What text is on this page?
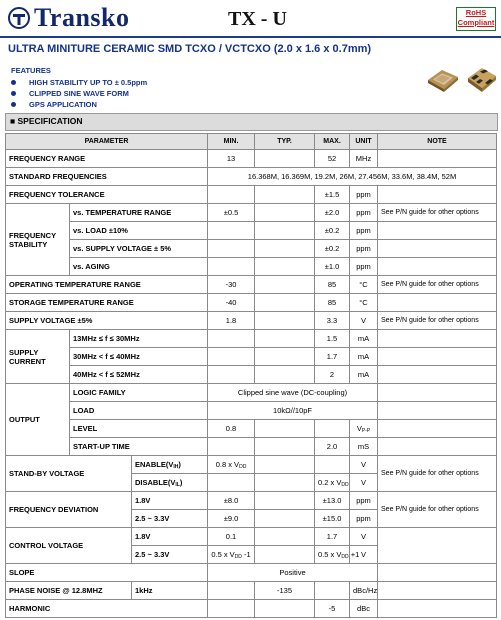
Transko	TX - U	RoHS
Compliant
ULTRA MINITURE CERAMIC SMD TCXO / VCTCXO (2.0 x 1.6 x 0.7mm)
FEATURES
HIGH STABILITY UP TO ± 0.5ppm
CLIPPED SINE WAVE FORM
GPS APPLICATION
■ SPECIFICATION
PARAMETER			MIN.	TYP.	MAX.	UNIT	NOTE
FREQUENCY RANGE			13		52	MHz	
STANDARD FREQUENCIES			16.368M, 16.369M, 19.2M, 26M, 27.456M, 33.6M, 38.4M, 52M				
FREQUENCY TOLERANCE					±1.5	ppm	
FREQUENCY
STABILITY	vs. TEMPERATURE RANGE		±0.5		±2.0	ppm	See P/N guide for other options
	vs. LOAD ±10%				±0.2	ppm	
	vs. SUPPLY VOLTAGE ± 5%				±0.2	ppm	
	vs. AGING				±1.0	ppm	
OPERATING TEMPERATURE RANGE			-30		85	°C	See P/N guide for other options
STORAGE TEMPERATURE RANGE			-40		85	°C	
SUPPLY VOLTAGE ±5%			1.8		3.3	V	See P/N guide for other options
SUPPLY
CURRENT	13MHz ≤ f ≤ 30MHz				1.5	mA	
	30MHz < f ≤ 40MHz				1.7	mA	
	40MHz < f ≤ 52MHz				2	mA	
OUTPUT	LOGIC FAMILY		Clipped sine wave (DC-coupling)				
	LOAD		10kΩ//10pF				
	LEVEL		0.8			$V_{P-P}$	
	START-UP TIME				2.0	mS	
STAND-BY VOLTAGE		$ENABLE(V_{IH})$	0.8 x $V_{DD}$			V	See P/N guide for other options
		$DISABLE(V_{IL})$			0.2 x $V_{DD}$	V	
FREQUENCY DEVIATION		1.8V	±8.0		±13.0	ppm	See P/N guide for other options
		2.5 ~ 3.3V	±9.0		±15.0	ppm	
CONTROL VOLTAGE		1.8V	0.1		1.7	V	
		2.5 ~ 3.3V	0.5 x $V_{DD}$ -1		0.5 x $V_{DD} +1$	V	
SLOPE			Positive				
PHASE NOISE @ 12.8MHZ		1kHz		-135		dBc/Hz	
HARMONIC					-5	dBc	
